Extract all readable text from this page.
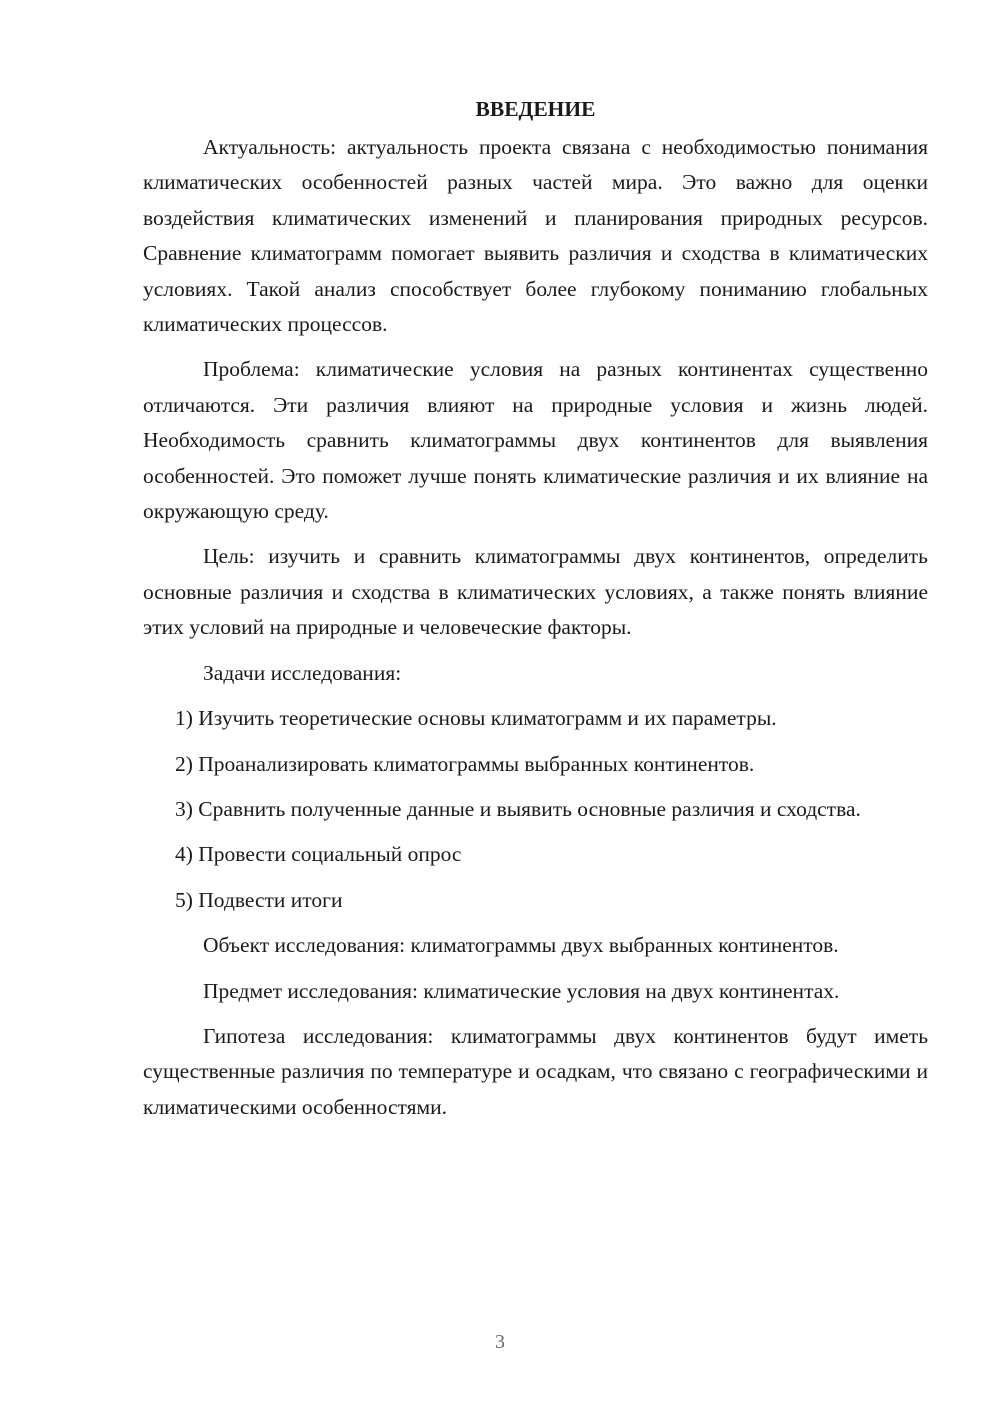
ВВЕДЕНИЕ

Актуальность: актуальность проекта связана с необходимостью понимания климатических особенностей разных частей мира. Это важно для оценки воздействия климатических изменений и планирования природных ресурсов. Сравнение климатограмм помогает выявить различия и сходства в климатических условиях. Такой анализ способствует более глубокому пониманию глобальных климатических процессов.

Проблема: климатические условия на разных континентах существенно отличаются. Эти различия влияют на природные условия и жизнь людей. Необходимость сравнить климатограммы двух континентов для выявления особенностей. Это поможет лучше понять климатические различия и их влияние на окружающую среду.

Цель: изучить и сравнить климатограммы двух континентов, определить основные различия и сходства в климатических условиях, а также понять влияние этих условий на природные и человеческие факторы.

Задачи исследования:

1) Изучить теоретические основы климатограмм и их параметры.

2) Проанализировать климатограммы выбранных континентов.

3) Сравнить полученные данные и выявить основные различия и сходства.

4) Провести социальный опрос

5) Подвести итоги

Объект исследования: климатограммы двух выбранных континентов.

Предмет исследования: климатические условия на двух континентах.

Гипотеза исследования: климатограммы двух континентов будут иметь существенные различия по температуре и осадкам, что связано с географическими и климатическими особенностями.

3
